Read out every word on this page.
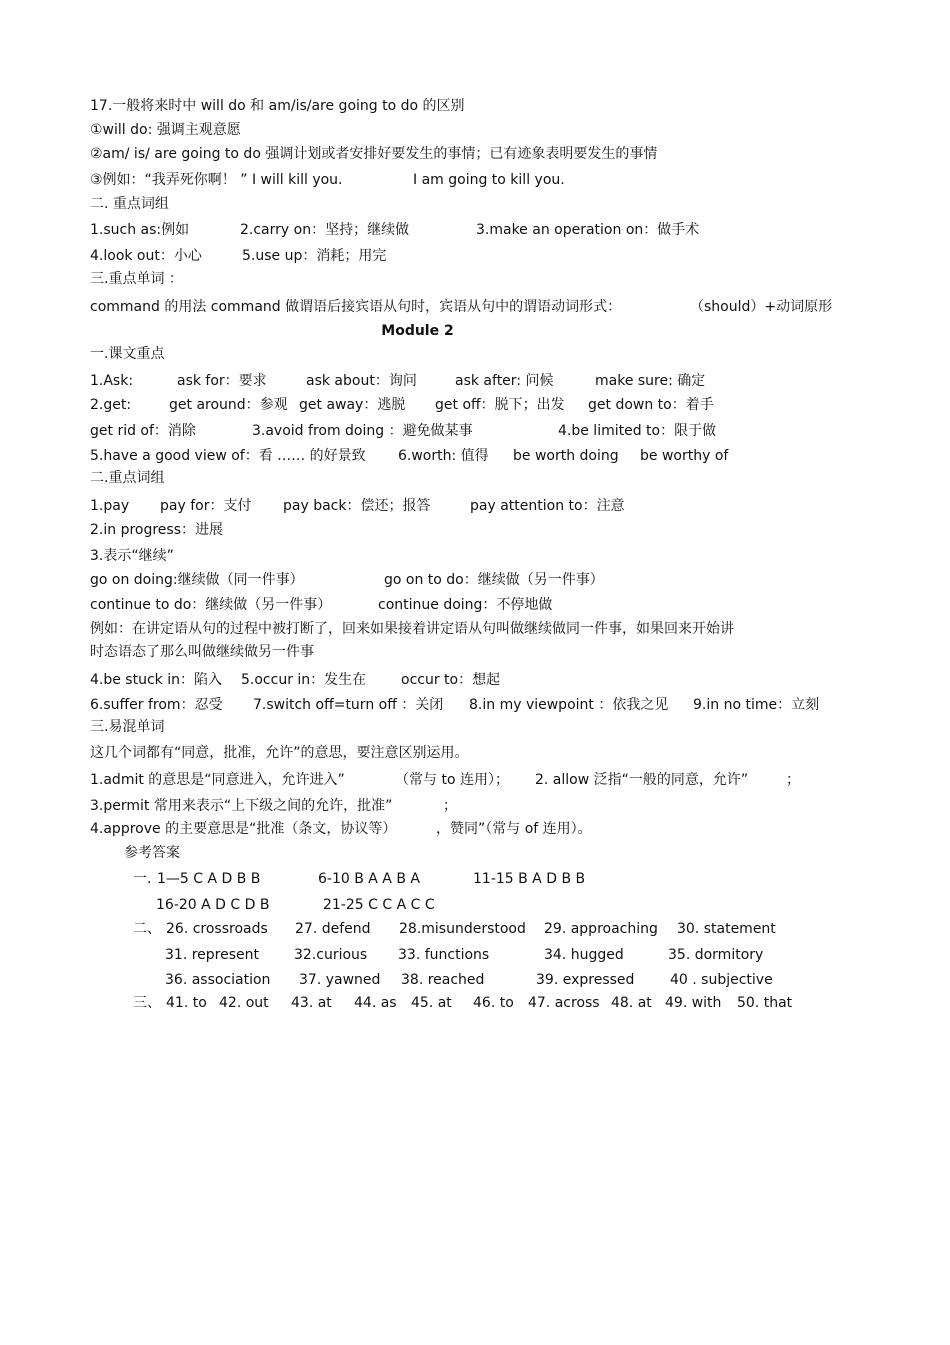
17.一般将来时中 will do 和 am/is/are going to do 的区别
①will do: 强调主观意愿
②am/ is/ are going to do 强调计划或者安排好要发生的事情；已有迹象表明要发生的事情

③例如：“我弄死你啊！ ” I will kill you.

	I am going to kill you.

二. 重点词组

1.such as:例如

	2.carry on：坚持；继续做

	3.make an operation on：做手术

4.look out：小心

	5.use up：消耗；用完

三.重点单词 ：

command 的用法 command 做谓语后接宾语从句时，宾语从句中的谓语动词形式：

	（should）+动词原形

Module 2
一.课文重点

1.Ask:

	ask for：要求

	ask about：询问

	ask after: 问候

	make sure: 确定

2.get:

	get around：参观

get away：逃脱

get off：脱下；出发

get down to：着手

get rid of：消除

	3.avoid from doing ：避免做某事

	4.be limited to：限于做

5.have a good view of：看 …… 的好景致

6.worth: 值得

be worth doing

be worthy of

二.重点词组

1.pay

pay for：支付

pay back：偿还；报答

	pay attention to：注意

2.in progress：进展
3.表示“继续”

go on doing:继续做（同一件事）

	go on to do：继续做（另一件事）

continue to do：继续做（另一件事）

	continue doing：不停地做

例如：在讲定语从句的过程中被打断了，回来如果接着讲定语从句叫做继续做同一件事，如果回来开始讲
时态语态了那么叫做继续做另一件事

4.be stuck in：陷入

5.occur in：发生在

occur to：想起

6.suffer from：忍受

7.switch off=turn off ：关闭

8.in my viewpoint ：依我之见

9.in no time：立刻

三.易混单词
这几个词都有“同意，批准，允许”的意思，要注意区别运用。

1.admit 的意思是“同意进入，允许进入”

	（常与 to 连用）；

2. allow 泛指“一般的同意，允许”

	；

3.permit 常用来表示“上下级之间的允许，批准”

	；

4.approve 的主要意思是“批准（条文，协议等）

	，赞同”（常与 of 连用）。

参考答案

一.

1—5 C A D B B

	6-10 B A A B A

	11-15 B A D B B

16-20 A D C D B

	21-25 C C A C C

二、

26. crossroads

27. defend

28.misunderstood

29. approaching

30. statement

31. represent

	32.curious

33. functions

	34. hugged

	35. dormitory

36. association

37. yawned

38. reached

	39. expressed

	40 . subjective

三、

41. to

42. out

43. at

44. as

45. at

46. to

47. across

48. at

49. with

50. that
